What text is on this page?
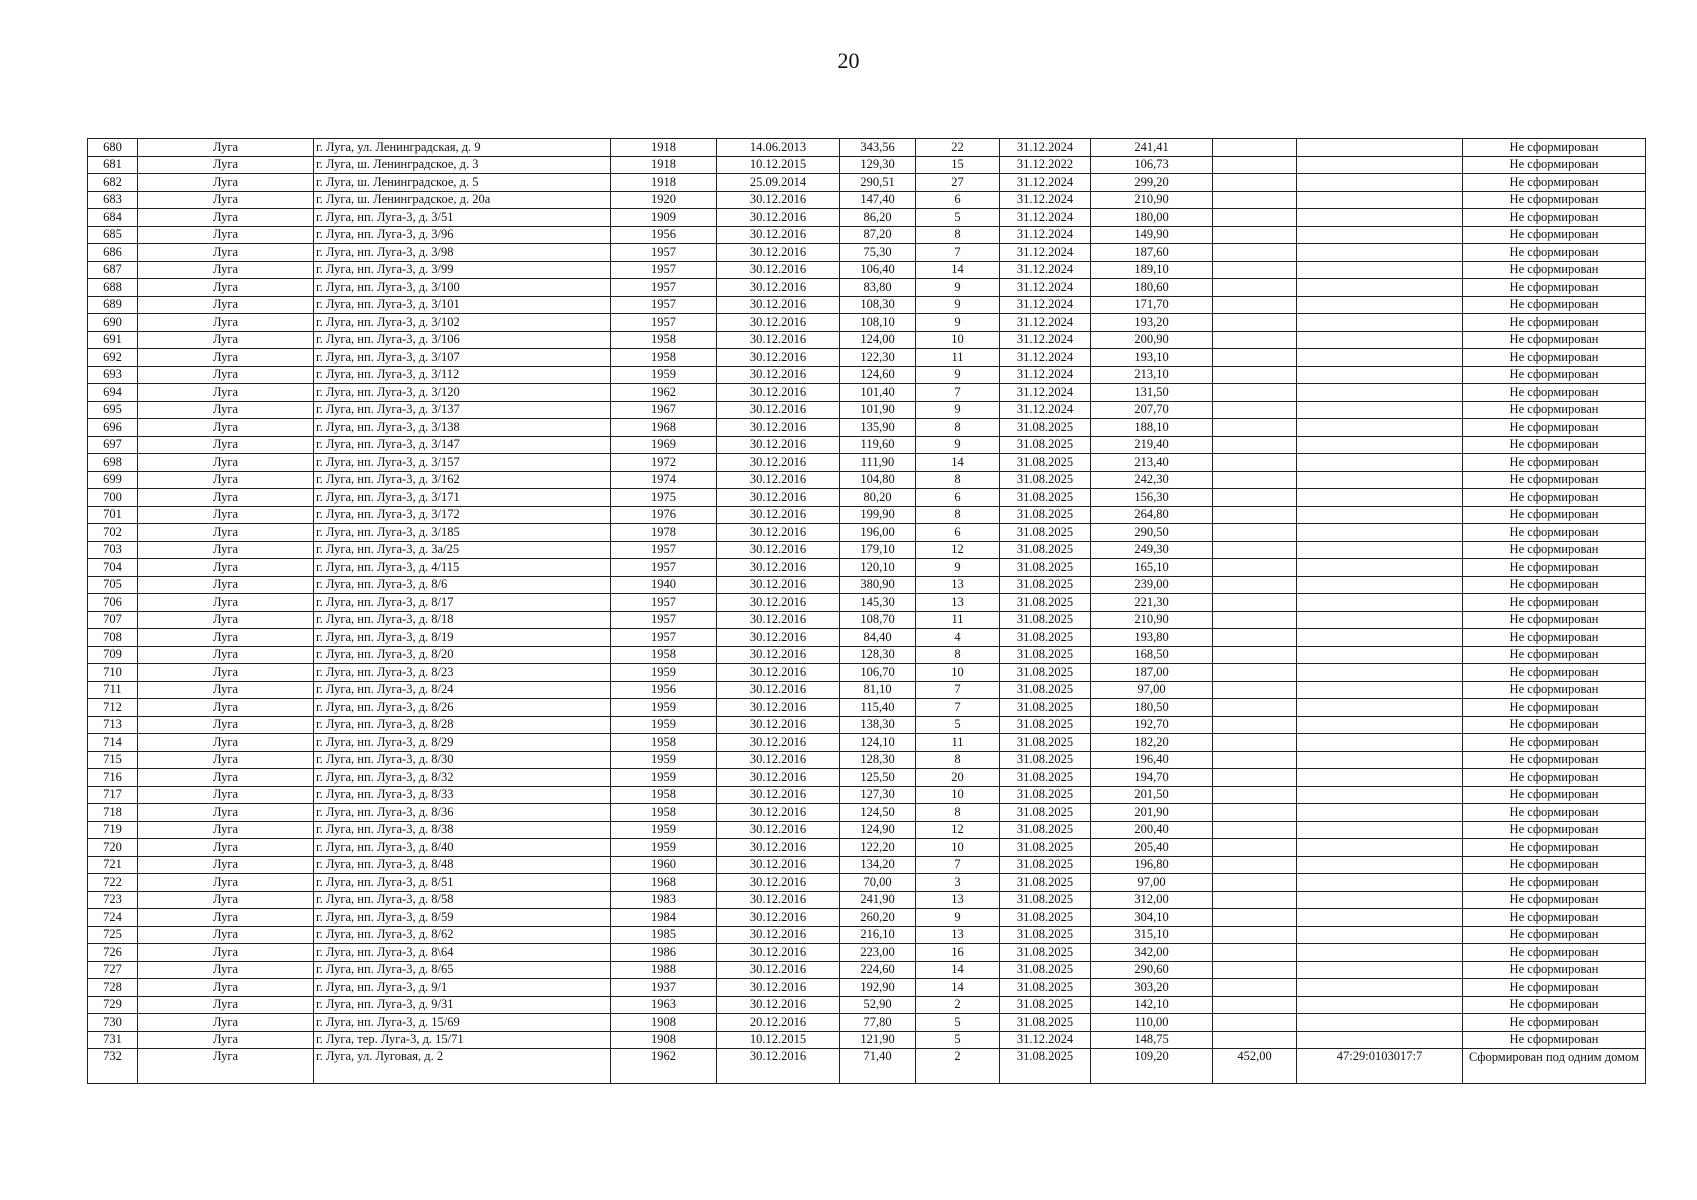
20
680	Луга	г. Луга, ул. Ленинградская, д. 9	1918	14.06.2013	343,56	22	31.12.2024	241,41			Не сформирован
681	Луга	г. Луга, ш. Ленинградское, д. 3	1918	10.12.2015	129,30	15	31.12.2022	106,73			Не сформирован
682	Луга	г. Луга, ш. Ленинградское, д. 5	1918	25.09.2014	290,51	27	31.12.2024	299,20			Не сформирован
683	Луга	г. Луга, ш. Ленинградское, д. 20а	1920	30.12.2016	147,40	6	31.12.2024	210,90			Не сформирован
684	Луга	г. Луга, нп. Луга-3, д. 3/51	1909	30.12.2016	86,20	5	31.12.2024	180,00			Не сформирован
685	Луга	г. Луга, нп. Луга-3, д. 3/96	1956	30.12.2016	87,20	8	31.12.2024	149,90			Не сформирован
686	Луга	г. Луга, нп. Луга-3, д. 3/98	1957	30.12.2016	75,30	7	31.12.2024	187,60			Не сформирован
687	Луга	г. Луга, нп. Луга-3, д. 3/99	1957	30.12.2016	106,40	14	31.12.2024	189,10			Не сформирован
688	Луга	г. Луга, нп. Луга-3, д. 3/100	1957	30.12.2016	83,80	9	31.12.2024	180,60			Не сформирован
689	Луга	г. Луга, нп. Луга-3, д. 3/101	1957	30.12.2016	108,30	9	31.12.2024	171,70			Не сформирован
690	Луга	г. Луга, нп. Луга-3, д. 3/102	1957	30.12.2016	108,10	9	31.12.2024	193,20			Не сформирован
691	Луга	г. Луга, нп. Луга-3, д. 3/106	1958	30.12.2016	124,00	10	31.12.2024	200,90			Не сформирован
692	Луга	г. Луга, нп. Луга-3, д. 3/107	1958	30.12.2016	122,30	11	31.12.2024	193,10			Не сформирован
693	Луга	г. Луга, нп. Луга-3, д. 3/112	1959	30.12.2016	124,60	9	31.12.2024	213,10			Не сформирован
694	Луга	г. Луга, нп. Луга-3, д. 3/120	1962	30.12.2016	101,40	7	31.12.2024	131,50			Не сформирован
695	Луга	г. Луга, нп. Луга-3, д. 3/137	1967	30.12.2016	101,90	9	31.12.2024	207,70			Не сформирован
696	Луга	г. Луга, нп. Луга-3, д. 3/138	1968	30.12.2016	135,90	8	31.08.2025	188,10			Не сформирован
697	Луга	г. Луга, нп. Луга-3, д. 3/147	1969	30.12.2016	119,60	9	31.08.2025	219,40			Не сформирован
698	Луга	г. Луга, нп. Луга-3, д. 3/157	1972	30.12.2016	111,90	14	31.08.2025	213,40			Не сформирован
699	Луга	г. Луга, нп. Луга-3, д. 3/162	1974	30.12.2016	104,80	8	31.08.2025	242,30			Не сформирован
700	Луга	г. Луга, нп. Луга-3, д. 3/171	1975	30.12.2016	80,20	6	31.08.2025	156,30			Не сформирован
701	Луга	г. Луга, нп. Луга-3, д. 3/172	1976	30.12.2016	199,90	8	31.08.2025	264,80			Не сформирован
702	Луга	г. Луга, нп. Луга-3, д. 3/185	1978	30.12.2016	196,00	6	31.08.2025	290,50			Не сформирован
703	Луга	г. Луга, нп. Луга-3, д. 3а/25	1957	30.12.2016	179,10	12	31.08.2025	249,30			Не сформирован
704	Луга	г. Луга, нп. Луга-3, д. 4/115	1957	30.12.2016	120,10	9	31.08.2025	165,10			Не сформирован
705	Луга	г. Луга, нп. Луга-3, д. 8/6	1940	30.12.2016	380,90	13	31.08.2025	239,00			Не сформирован
706	Луга	г. Луга, нп. Луга-3, д. 8/17	1957	30.12.2016	145,30	13	31.08.2025	221,30			Не сформирован
707	Луга	г. Луга, нп. Луга-3, д. 8/18	1957	30.12.2016	108,70	11	31.08.2025	210,90			Не сформирован
708	Луга	г. Луга, нп. Луга-3, д. 8/19	1957	30.12.2016	84,40	4	31.08.2025	193,80			Не сформирован
709	Луга	г. Луга, нп. Луга-3, д. 8/20	1958	30.12.2016	128,30	8	31.08.2025	168,50			Не сформирован
710	Луга	г. Луга, нп. Луга-3, д. 8/23	1959	30.12.2016	106,70	10	31.08.2025	187,00			Не сформирован
711	Луга	г. Луга, нп. Луга-3, д. 8/24	1956	30.12.2016	81,10	7	31.08.2025	97,00			Не сформирован
712	Луга	г. Луга, нп. Луга-3, д. 8/26	1959	30.12.2016	115,40	7	31.08.2025	180,50			Не сформирован
713	Луга	г. Луга, нп. Луга-3, д. 8/28	1959	30.12.2016	138,30	5	31.08.2025	192,70			Не сформирован
714	Луга	г. Луга, нп. Луга-3, д. 8/29	1958	30.12.2016	124,10	11	31.08.2025	182,20			Не сформирован
715	Луга	г. Луга, нп. Луга-3, д. 8/30	1959	30.12.2016	128,30	8	31.08.2025	196,40			Не сформирован
716	Луга	г. Луга, нп. Луга-3, д. 8/32	1959	30.12.2016	125,50	20	31.08.2025	194,70			Не сформирован
717	Луга	г. Луга, нп. Луга-3, д. 8/33	1958	30.12.2016	127,30	10	31.08.2025	201,50			Не сформирован
718	Луга	г. Луга, нп. Луга-3, д. 8/36	1958	30.12.2016	124,50	8	31.08.2025	201,90			Не сформирован
719	Луга	г. Луга, нп. Луга-3, д. 8/38	1959	30.12.2016	124,90	12	31.08.2025	200,40			Не сформирован
720	Луга	г. Луга, нп. Луга-3, д. 8/40	1959	30.12.2016	122,20	10	31.08.2025	205,40			Не сформирован
721	Луга	г. Луга, нп. Луга-3, д. 8/48	1960	30.12.2016	134,20	7	31.08.2025	196,80			Не сформирован
722	Луга	г. Луга, нп. Луга-3, д. 8/51	1968	30.12.2016	70,00	3	31.08.2025	97,00			Не сформирован
723	Луга	г. Луга, нп. Луга-3, д. 8/58	1983	30.12.2016	241,90	13	31.08.2025	312,00			Не сформирован
724	Луга	г. Луга, нп. Луга-3, д. 8/59	1984	30.12.2016	260,20	9	31.08.2025	304,10			Не сформирован
725	Луга	г. Луга, нп. Луга-3, д. 8/62	1985	30.12.2016	216,10	13	31.08.2025	315,10			Не сформирован
726	Луга	г. Луга, нп. Луга-3, д. 8\64	1986	30.12.2016	223,00	16	31.08.2025	342,00			Не сформирован
727	Луга	г. Луга, нп. Луга-3, д. 8/65	1988	30.12.2016	224,60	14	31.08.2025	290,60			Не сформирован
728	Луга	г. Луга, нп. Луга-3, д. 9/1	1937	30.12.2016	192,90	14	31.08.2025	303,20			Не сформирован
729	Луга	г. Луга, нп. Луга-3, д. 9/31	1963	30.12.2016	52,90	2	31.08.2025	142,10			Не сформирован
730	Луга	г. Луга, нп. Луга-3, д. 15/69	1908	20.12.2016	77,80	5	31.08.2025	110,00			Не сформирован
731	Луга	г. Луга, тер. Луга-3, д. 15/71	1908	10.12.2015	121,90	5	31.12.2024	148,75			Не сформирован
732	Луга	г. Луга, ул. Луговая, д. 2	1962	30.12.2016	71,40	2	31.08.2025	109,20	452,00	47:29:0103017:7	Сформирован под одним домом
